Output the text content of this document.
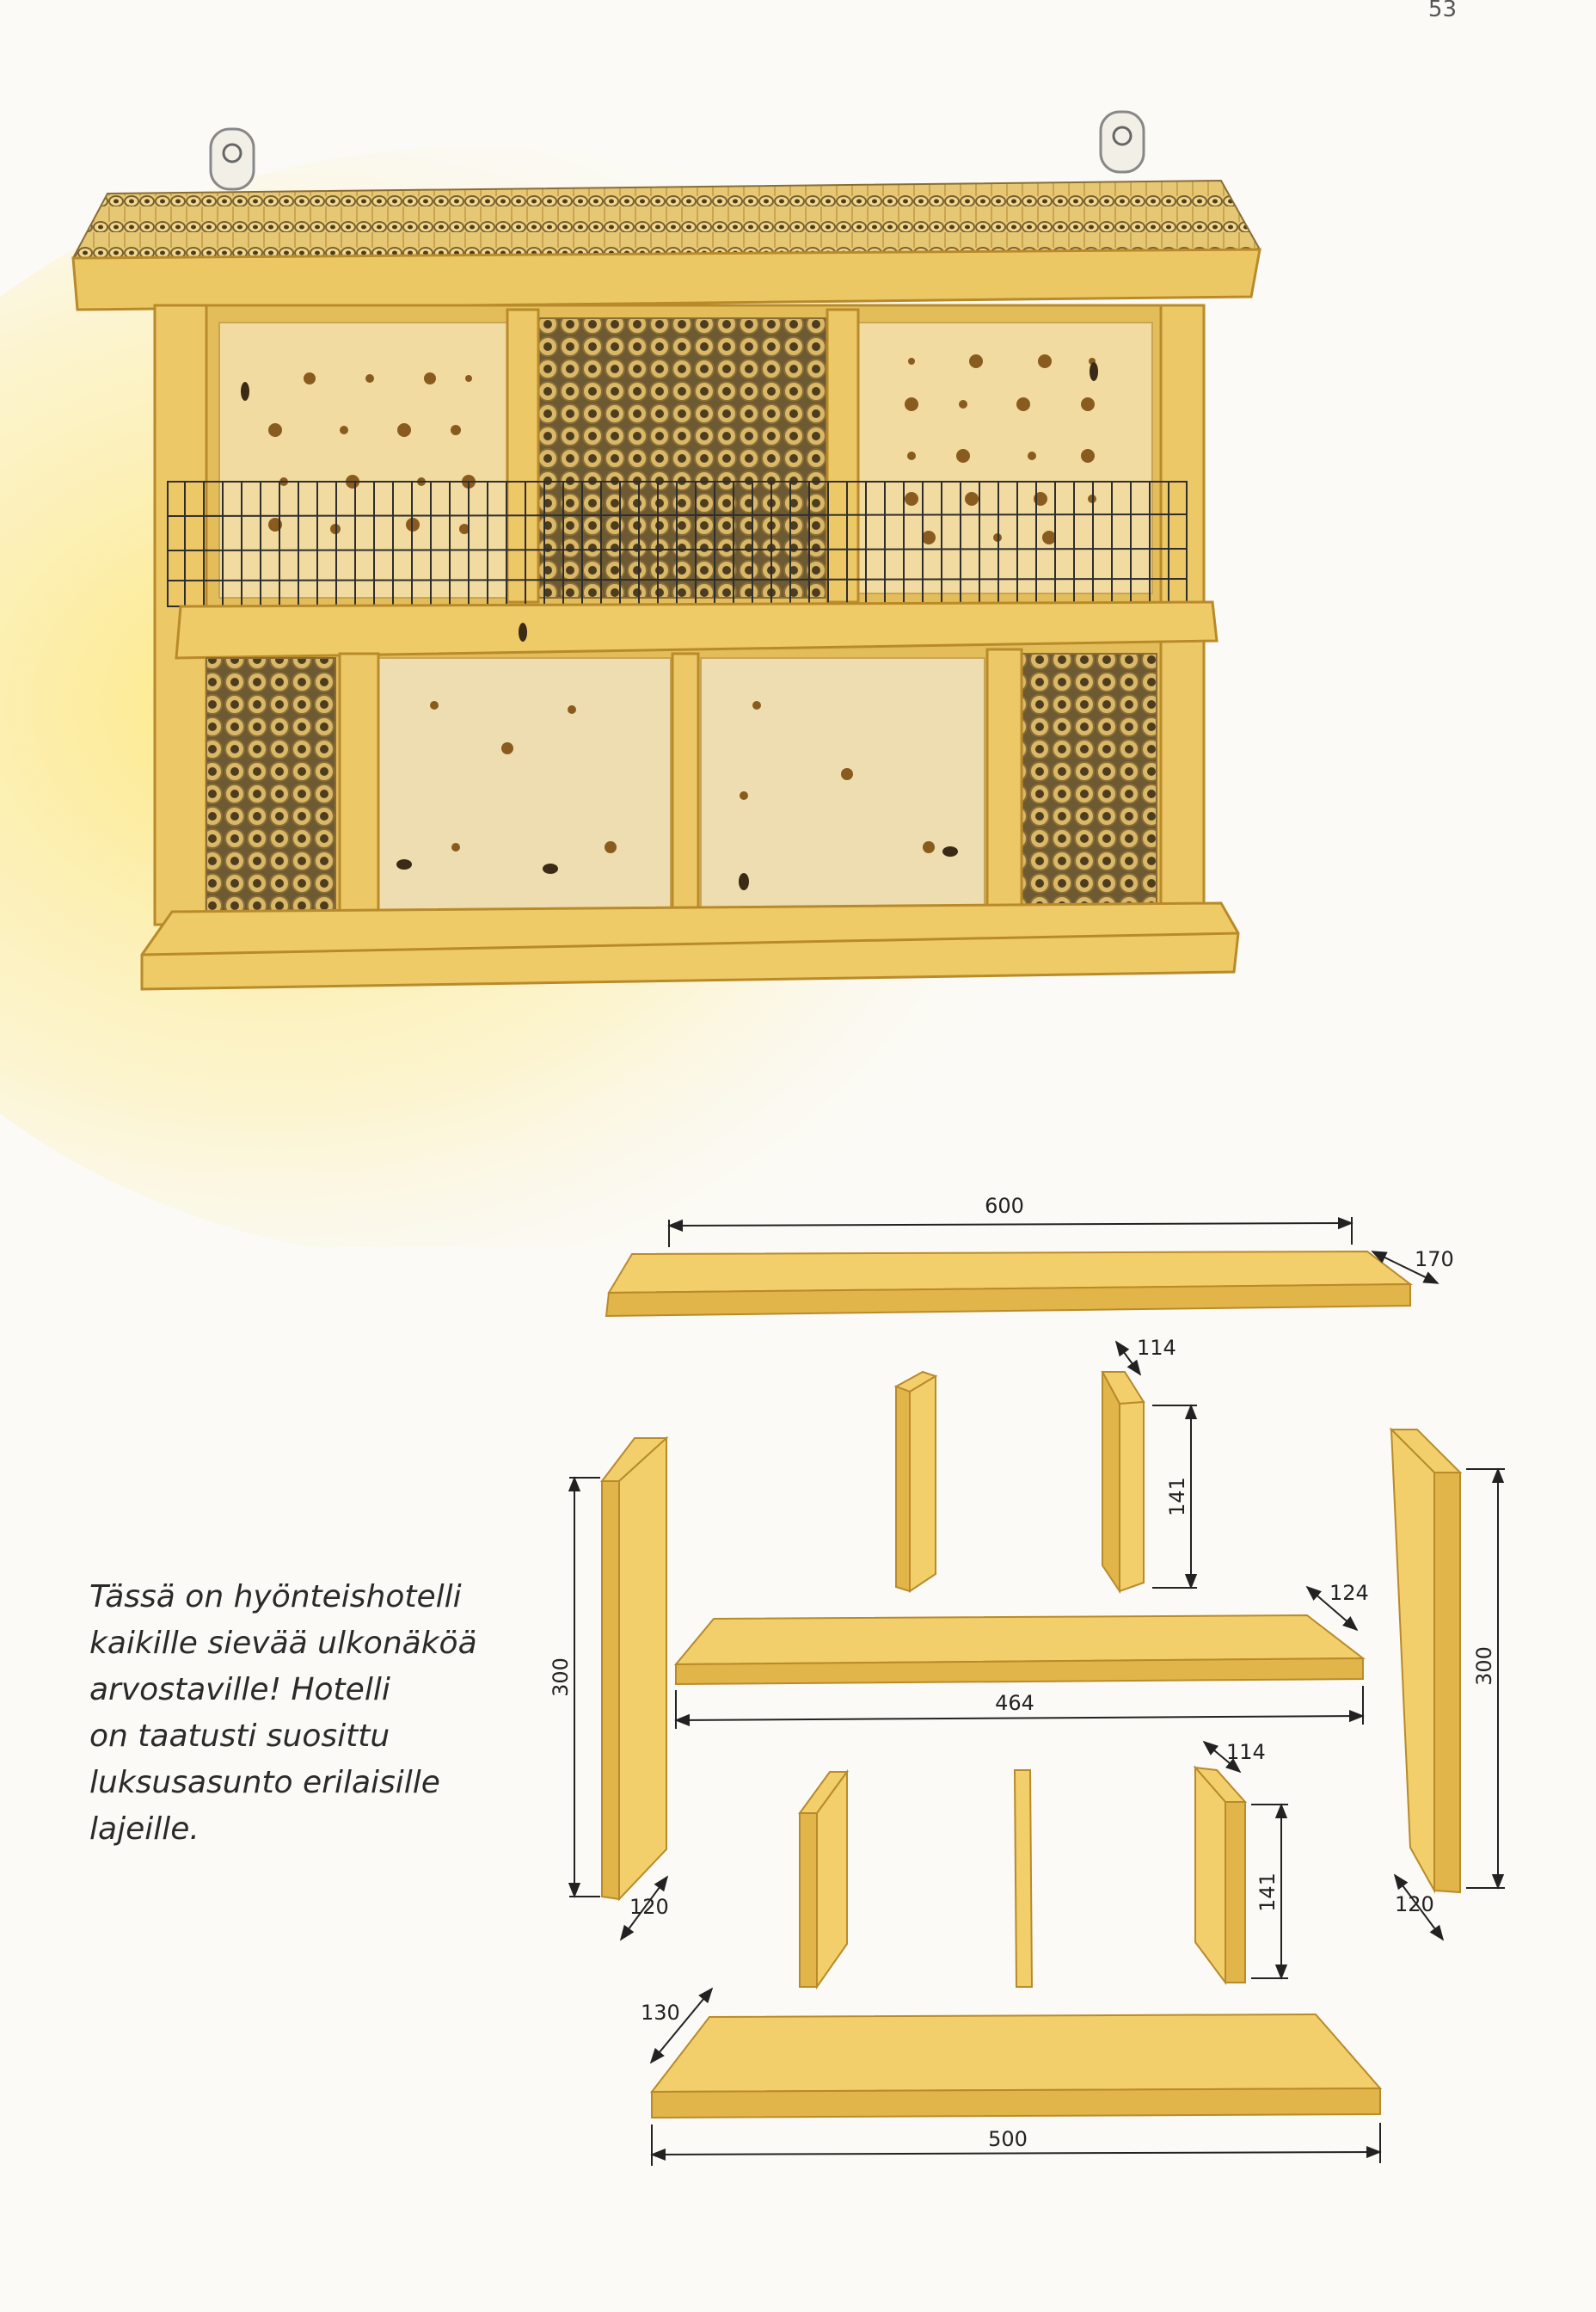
53
Tässä on hyönteishotelli
kaikille sievää ulkonäköä
arvostaville! Hotelli
on taatusti suosittu
luksusasunto erilaisille
lajeille.
600
170
114
141
300
120
124
464
300
120
114
141
130
500
